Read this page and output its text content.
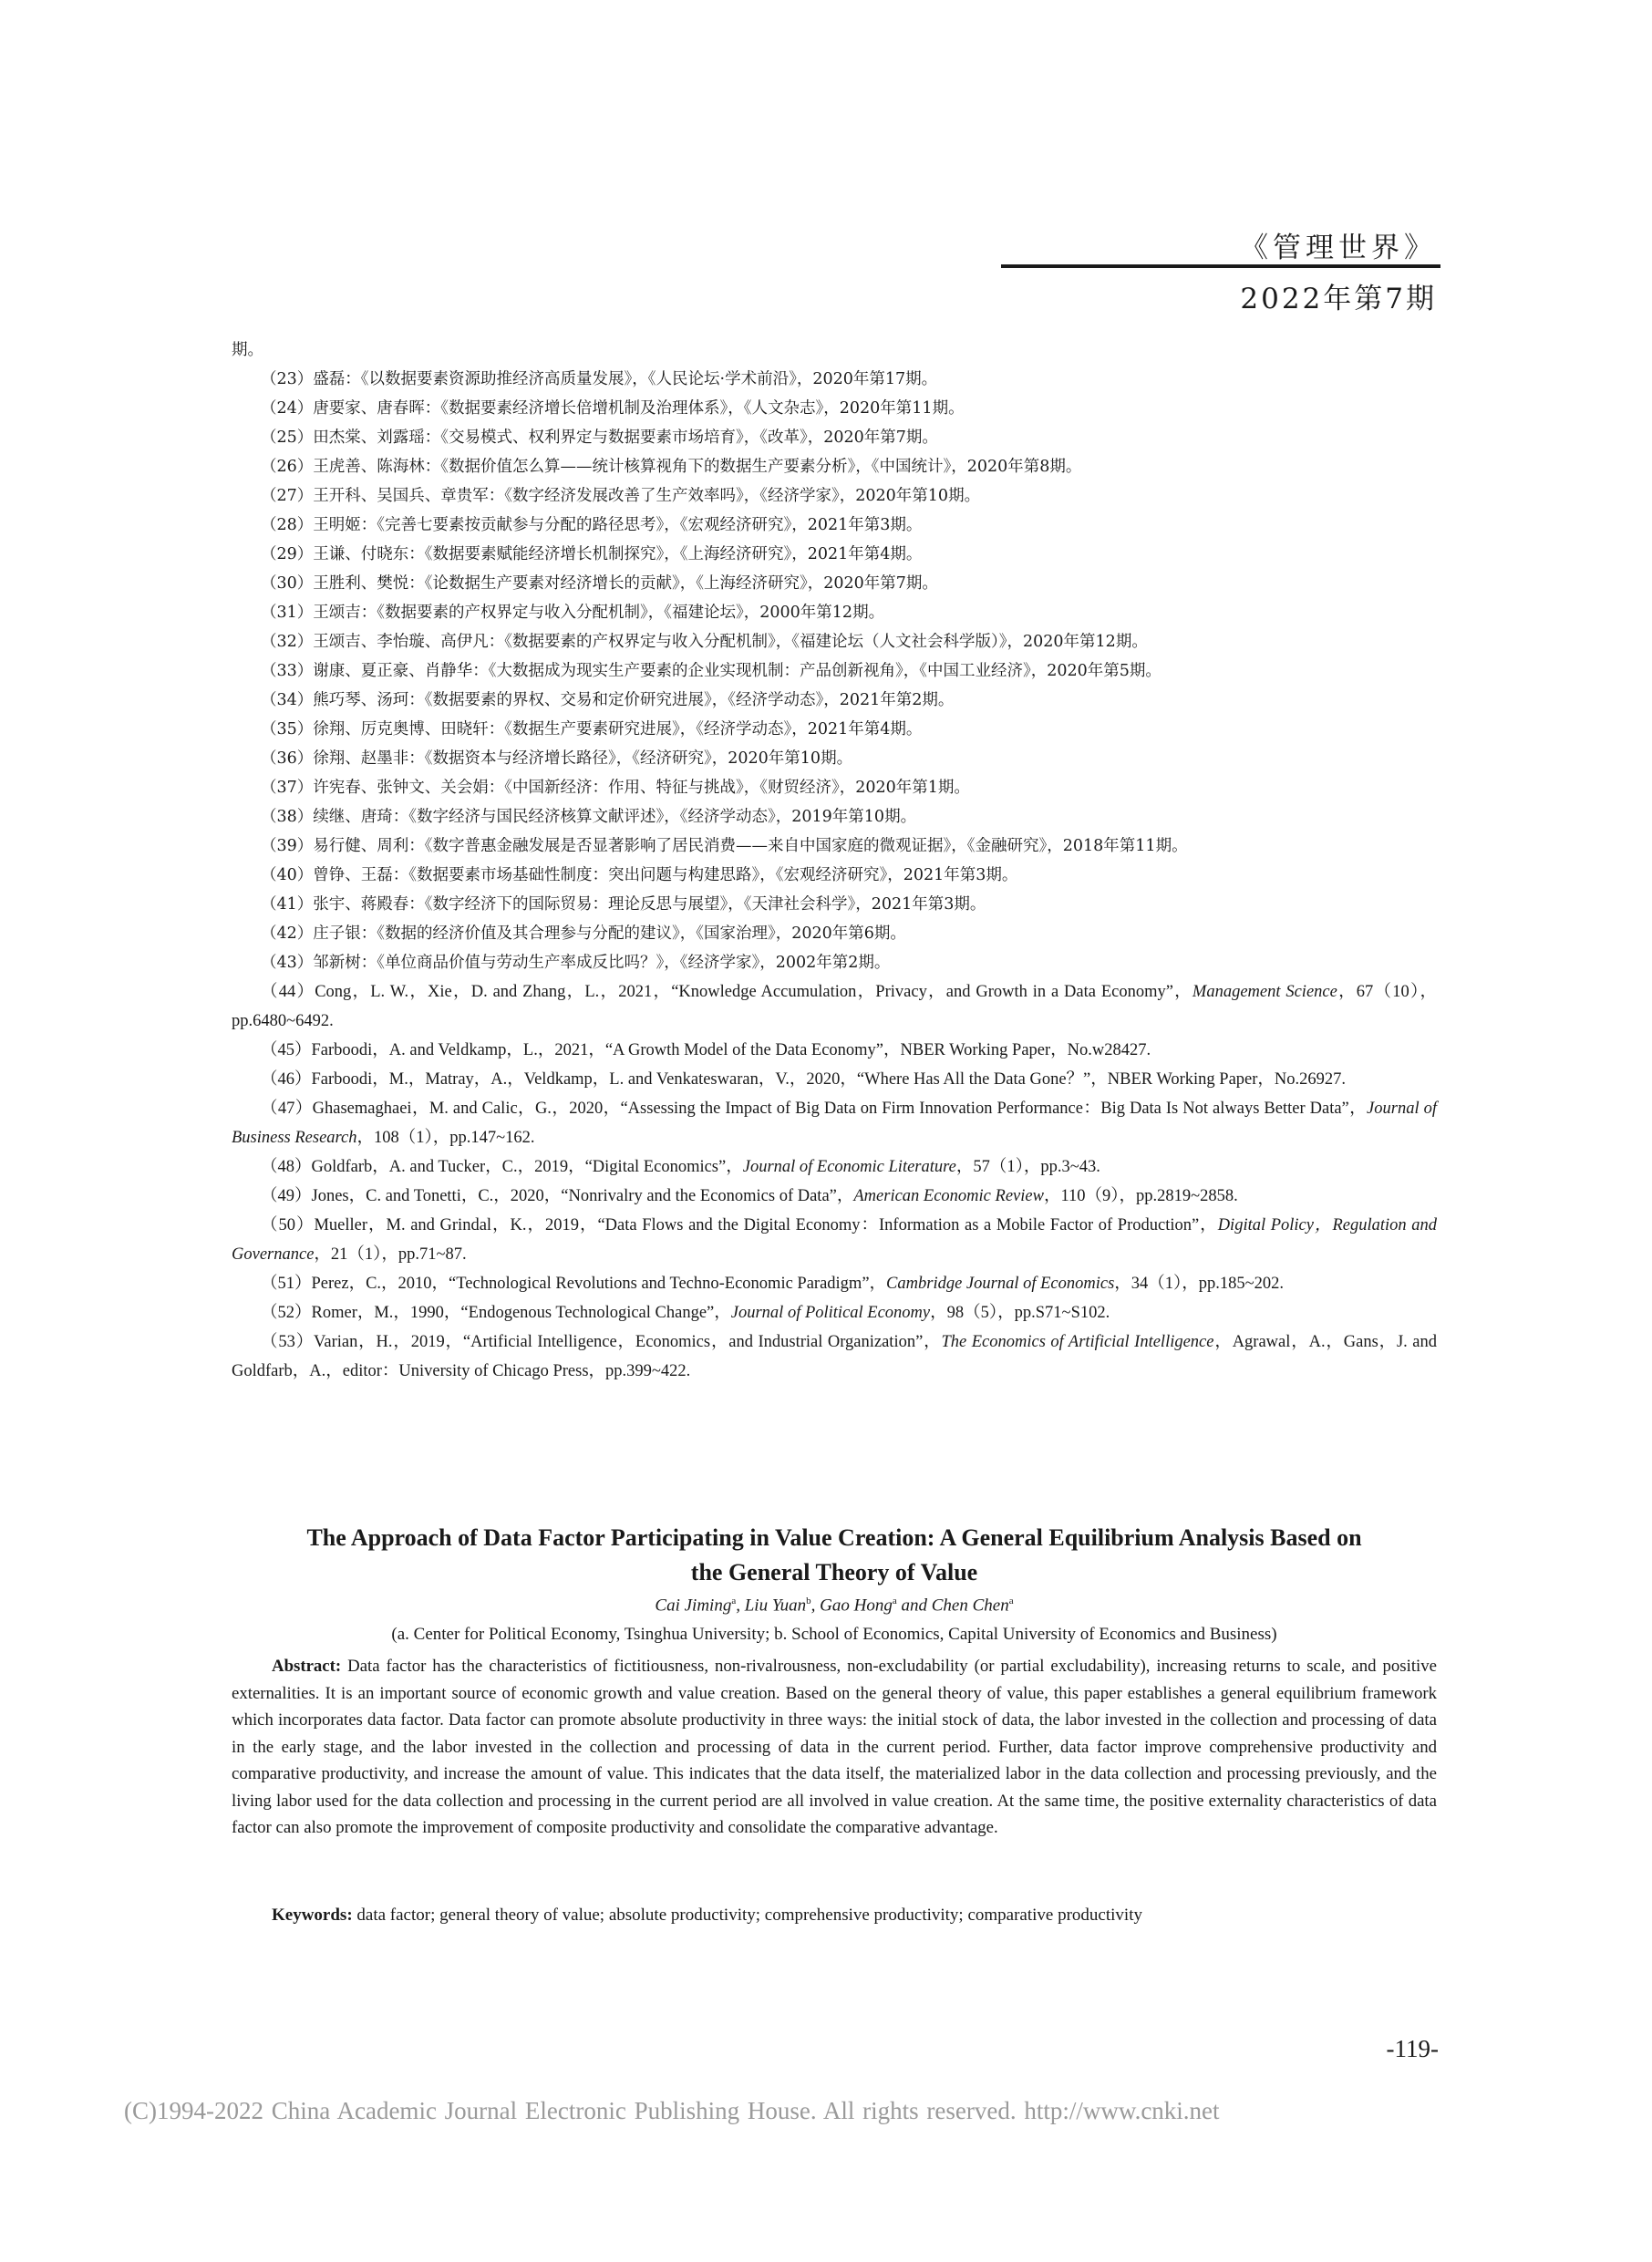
《管理世界》
2022年第7期

期。

（23）盛磊：《以数据要素资源助推经济高质量发展》，《人民论坛·学术前沿》，2020年第17期。

（24）唐要家、唐春晖：《数据要素经济增长倍增机制及治理体系》，《人文杂志》，2020年第11期。

（25）田杰棠、刘露瑶：《交易模式、权利界定与数据要素市场培育》，《改革》，2020年第7期。

（26）王虎善、陈海林：《数据价值怎么算——统计核算视角下的数据生产要素分析》，《中国统计》，2020年第8期。

（27）王开科、吴国兵、章贵军：《数字经济发展改善了生产效率吗》，《经济学家》，2020年第10期。

（28）王明姬：《完善七要素按贡献参与分配的路径思考》，《宏观经济研究》，2021年第3期。

（29）王谦、付晓东：《数据要素赋能经济增长机制探究》，《上海经济研究》，2021年第4期。

（30）王胜利、樊悦：《论数据生产要素对经济增长的贡献》，《上海经济研究》，2020年第7期。

（31）王颂吉：《数据要素的产权界定与收入分配机制》，《福建论坛》，2000年第12期。

（32）王颂吉、李怡璇、高伊凡：《数据要素的产权界定与收入分配机制》，《福建论坛（人文社会科学版）》，2020年第12期。

（33）谢康、夏正豪、肖静华：《大数据成为现实生产要素的企业实现机制：产品创新视角》，《中国工业经济》，2020年第5期。

（34）熊巧琴、汤珂：《数据要素的界权、交易和定价研究进展》，《经济学动态》，2021年第2期。

（35）徐翔、厉克奥博、田晓轩：《数据生产要素研究进展》，《经济学动态》，2021年第4期。

（36）徐翔、赵墨非：《数据资本与经济增长路径》，《经济研究》，2020年第10期。

（37）许宪春、张钟文、关会娟：《中国新经济：作用、特征与挑战》，《财贸经济》，2020年第1期。

（38）续继、唐琦：《数字经济与国民经济核算文献评述》，《经济学动态》，2019年第10期。

（39）易行健、周利：《数字普惠金融发展是否显著影响了居民消费——来自中国家庭的微观证据》，《金融研究》，2018年第11期。

（40）曾铮、王磊：《数据要素市场基础性制度：突出问题与构建思路》，《宏观经济研究》，2021年第3期。

（41）张宇、蒋殿春：《数字经济下的国际贸易：理论反思与展望》，《天津社会科学》，2021年第3期。

（42）庄子银：《数据的经济价值及其合理参与分配的建议》，《国家治理》，2020年第6期。

（43）邹新树：《单位商品价值与劳动生产率成反比吗？》，《经济学家》，2002年第2期。

（44）Cong，L. W.，Xie，D. and Zhang，L.，2021，“Knowledge Accumulation，Privacy，and Growth in a Data Economy”，Management Science，67（10），pp.6480~6492.

（45）Farboodi，A. and Veldkamp，L.，2021，“A Growth Model of the Data Economy”，NBER Working Paper，No.w28427.

（46）Farboodi，M.，Matray，A.，Veldkamp，L. and Venkateswaran，V.，2020，“Where Has All the Data Gone？”，NBER Working Paper，No.26927.

（47）Ghasemaghaei，M. and Calic，G.，2020，“Assessing the Impact of Big Data on Firm Innovation Performance：Big Data Is Not always Better Data”，Journal of Business Research，108（1），pp.147~162.

（48）Goldfarb，A. and Tucker，C.，2019，“Digital Economics”，Journal of Economic Literature，57（1），pp.3~43.

（49）Jones，C. and Tonetti，C.，2020，“Nonrivalry and the Economics of Data”，American Economic Review，110（9），pp.2819~2858.

（50）Mueller，M. and Grindal，K.，2019，“Data Flows and the Digital Economy：Information as a Mobile Factor of Production”，Digital Policy，Regulation and Governance，21（1），pp.71~87.

（51）Perez，C.，2010，“Technological Revolutions and Techno-Economic Paradigm”，Cambridge Journal of Economics，34（1），pp.185~202.

（52）Romer，M.，1990，“Endogenous Technological Change”，Journal of Political Economy，98（5），pp.S71~S102.

（53）Varian，H.，2019，“Artificial Intelligence，Economics，and Industrial Organization”，The Economics of Artificial Intelligence，Agrawal，A.，Gans，J. and Goldfarb，A.，editor：University of Chicago Press，pp.399~422.

The Approach of Data Factor Participating in Value Creation: A General Equilibrium Analysis Based on
the General Theory of Value
Cai Jiming$^a$, Liu Yuan$^b$, Gao Hong$^a$ and Chen Chen$^a$
(a. Center for Political Economy, Tsinghua University; b. School of Economics, Capital University of Economics and Business)

Abstract: Data factor has the characteristics of fictitiousness, non-rivalrousness, non-excludability (or partial excludability), increasing returns to scale, and positive externalities. It is an important source of economic growth and value creation. Based on the general theory of value, this paper establishes a general equilibrium framework which incorporates data factor. Data factor can promote absolute productivity in three ways: the initial stock of data, the labor invested in the collection and processing of data in the early stage, and the labor invested in the collection and processing of data in the current period. Further, data factor improve comprehensive productivity and comparative productivity, and increase the amount of value. This indicates that the data itself, the materialized labor in the data collection and processing previously, and the living labor used for the data collection and processing in the current period are all involved in value creation. At the same time, the positive externality characteristics of data factor can also promote the improvement of composite productivity and consolidate the comparative advantage.

Keywords: data factor; general theory of value; absolute productivity; comprehensive productivity; comparative productivity

-119-
(C)1994-2022 China Academic Journal Electronic Publishing House. All rights reserved. http://www.cnki.net
